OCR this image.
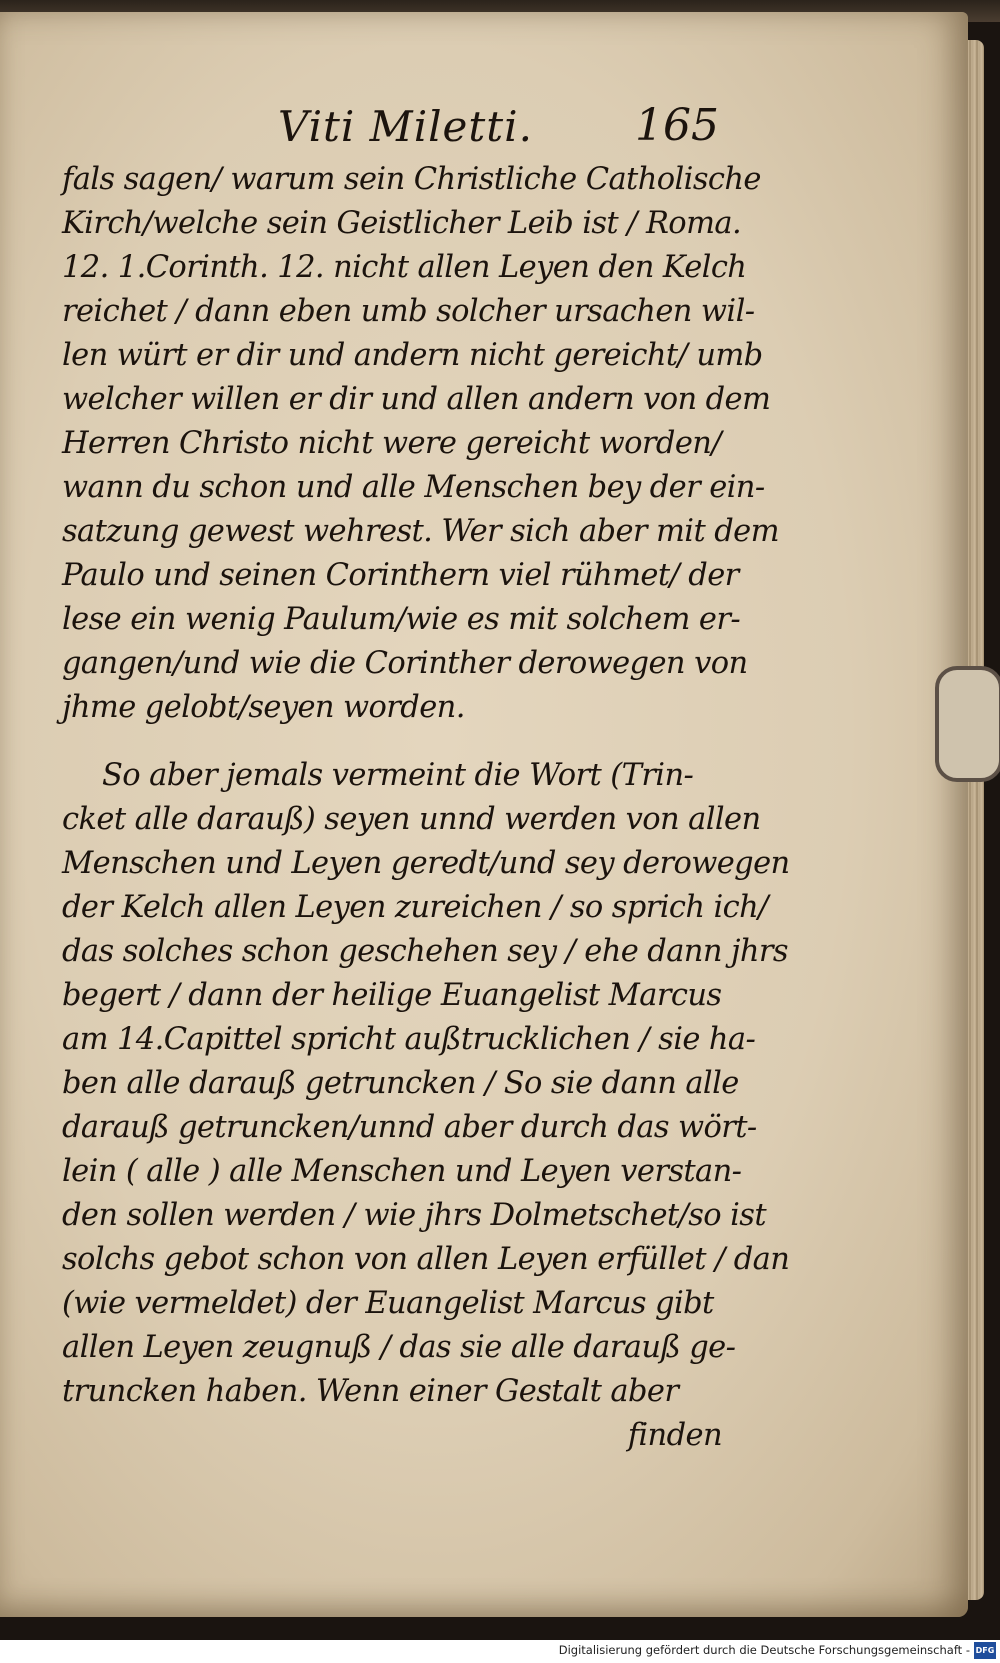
Viti Miletti. 165
fals sagen/ warum sein Christliche Catholische
Kirch/welche sein Geistlicher Leib ist / Roma.
12. 1.Corinth. 12. nicht allen Leyen den Kelch
reichet / dann eben umb solcher ursachen wil-
len würt er dir und andern nicht gereicht/ umb
welcher willen er dir und allen andern von dem
Herren Christo nicht were gereicht worden/
wann du schon und alle Menschen bey der ein-
satzung gewest wehrest. Wer sich aber mit dem
Paulo und seinen Corinthern viel rühmet/ der
lese ein wenig Paulum/wie es mit solchem er-
gangen/und wie die Corinther derowegen von
jhme gelobt/seyen worden.
So aber jemals vermeint die Wort (Trin-
cket alle darauß) seyen unnd werden von allen
Menschen und Leyen geredt/und sey derowegen
der Kelch allen Leyen zureichen / so sprich ich/
das solches schon geschehen sey / ehe dann jhrs
begert / dann der heilige Euangelist Marcus
am 14.Capittel spricht außtrucklichen / sie ha-
ben alle darauß getruncken / So sie dann alle
darauß getruncken/unnd aber durch das wört-
lein ( alle ) alle Menschen und Leyen verstan-
den sollen werden / wie jhrs Dolmetschet/so ist
solchs gebot schon von allen Leyen erfüllet / dan
(wie vermeldet) der Euangelist Marcus gibt
allen Leyen zeugnuß / das sie alle darauß ge-
truncken haben. Wenn einer Gestalt aber
finden
Digitalisierung gefördert durch die Deutsche Forschungsgemeinschaft - DFG
